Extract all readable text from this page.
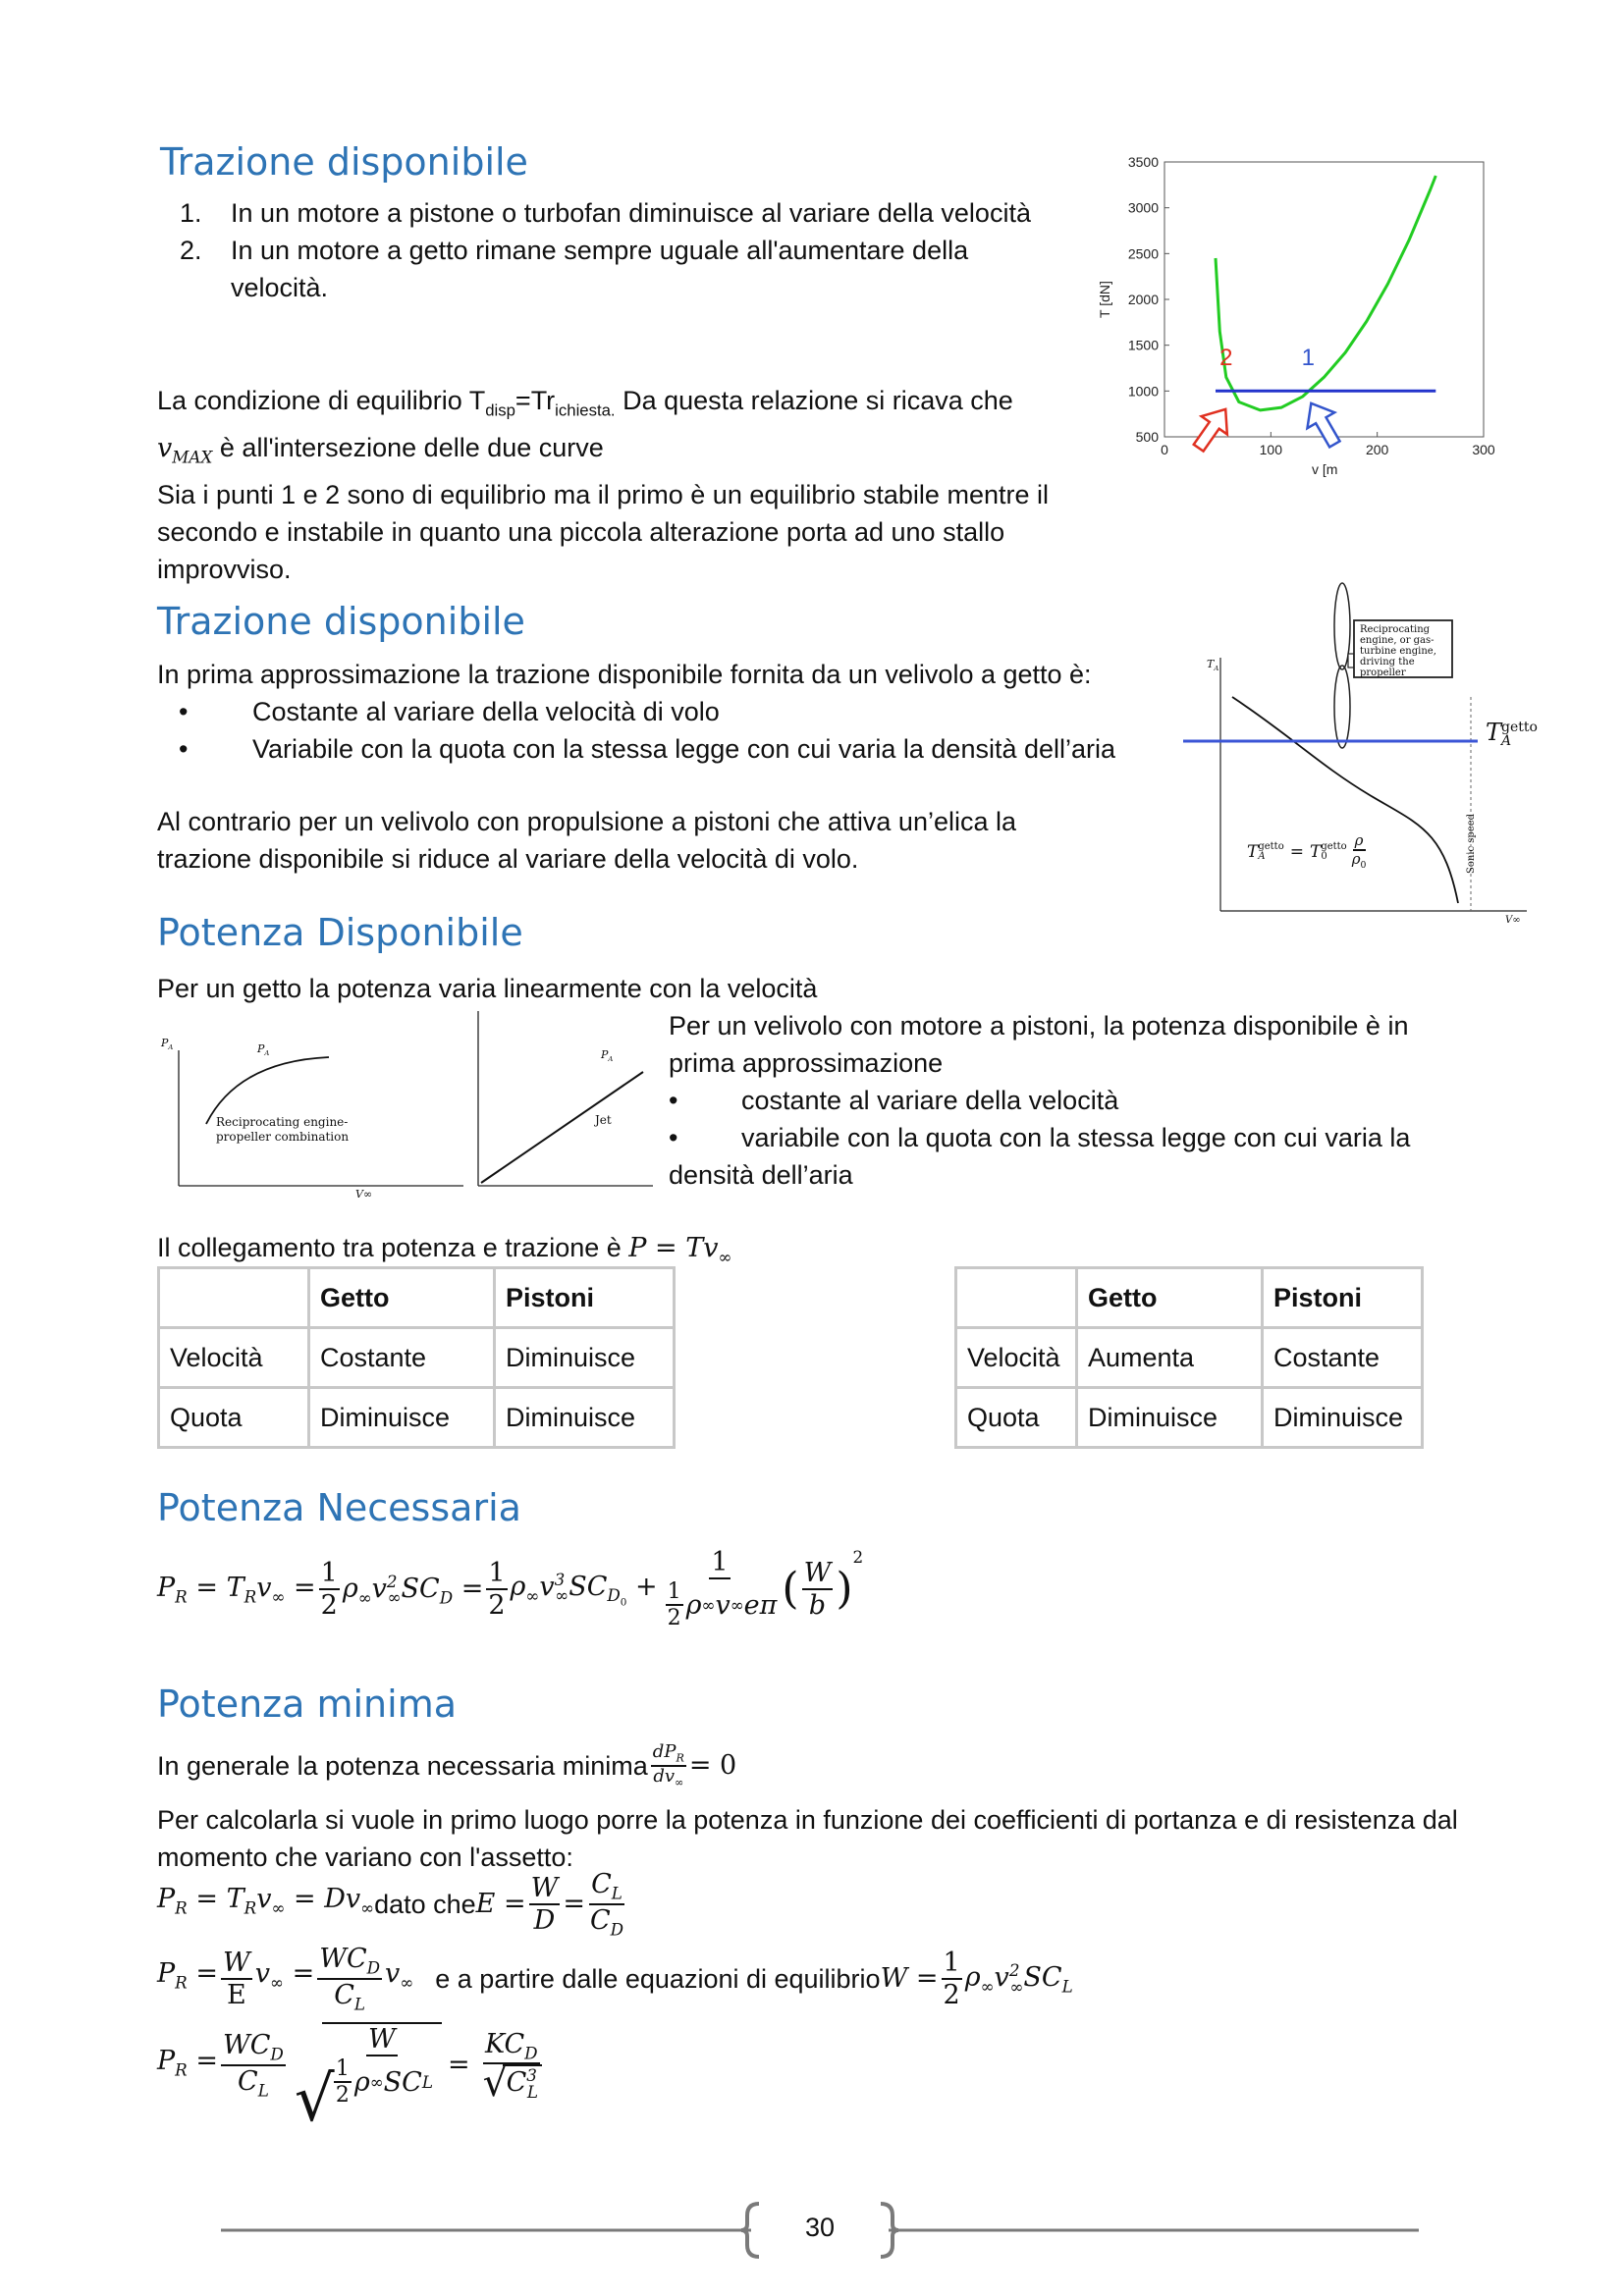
Trazione disponibile
1.	In un motore a pistone o turbofan diminuisce al variare della velocità
2.	In un motore a getto rimane sempre uguale all'aumentare della velocità.
La condizione di equilibrio $T_{disp}=Tr_{ichiesta.}$ Da questa relazione si ricava che
$v_{MAX}$ è all'intersezione delle due curve
Sia i punti 1 e 2 sono di equilibrio ma il primo è un equilibrio stabile mentre il secondo e instabile in quanto una piccola alterazione porta ad uno stallo improvviso.
0	100	200	300
3500
3000
2500
2000
1500
1000
500
v [m
T [dN]
2	1
Trazione disponibile
In prima approssimazione la trazione disponibile fornita da un velivolo a getto è:
•	Costante al variare della velocità di volo
•	Variabile con la quota con la stessa legge con cui varia la densità dell’aria
Al contrario per un velivolo con propulsione a pistoni che attiva un’elica la trazione disponibile si riduce al variare della velocità di volo.
Reciprocating engine, or gas-turbine engine, driving the propeller
$T_A$
T getto
A
T getto
A	= T getto
0	$\frac{\rho}{\rho_0}$	Sonic speed
V∞
Potenza Disponibile
Per un getto la potenza varia linearmente con la velocità
$P_A$	$P_A$
Reciprocating engine-propeller combination
V∞
$P_A$
Jet
Per un velivolo con motore a pistoni, la potenza disponibile è in prima approssimazione
•	costante al variare della velocità
• variabile con la quota con la stessa legge con cui varia la densità dell’aria
Il collegamento tra potenza e trazione è $P = Tv_\infty$
	Getto	Pistoni
Velocità	Costante	Diminuisce
Quota	Diminuisce	Diminuisce
	Getto	Pistoni
Velocità	Aumenta	Costante
Quota	Diminuisce	Diminuisce
Potenza Necessaria
$P_R = T_Rv_\infty = \frac{1}{2} \rho_\infty v^2_\infty SC_D = \frac{1}{2} \rho_\infty v^3_\infty SC_{D_0} + \frac{1}{\frac{1}{2} \rho \infty v \infty e\pi}$ ( $\frac{W}{b}$ )
$^2$
Potenza minima
In generale la potenza necessaria minima $\frac{dP_R}{dv_\infty} = 0$
Per calcolarla si vuole in primo luogo porre la potenza in funzione dei coefficienti di portanza e di resistenza dal momento che variano con l'assetto:
$P_R = T_Rv_\infty = Dv_\infty$ dato che $E = \frac{W}{D} = \frac{C_L}{C_D}$
$P_R = \frac{W}{E} v_\infty = \frac{WC_D}{C_L} v_\infty$ e a partire dalle equazioni di equilibrio $W = \frac{1}{2} \rho_\infty v^2_\infty SC_L$
$P_R = \frac{WC_D}{C_L}$ √ $\frac{W}{\frac{1}{2} \rho \infty SC L} = KC_D$
√ $C^3_L$
30
